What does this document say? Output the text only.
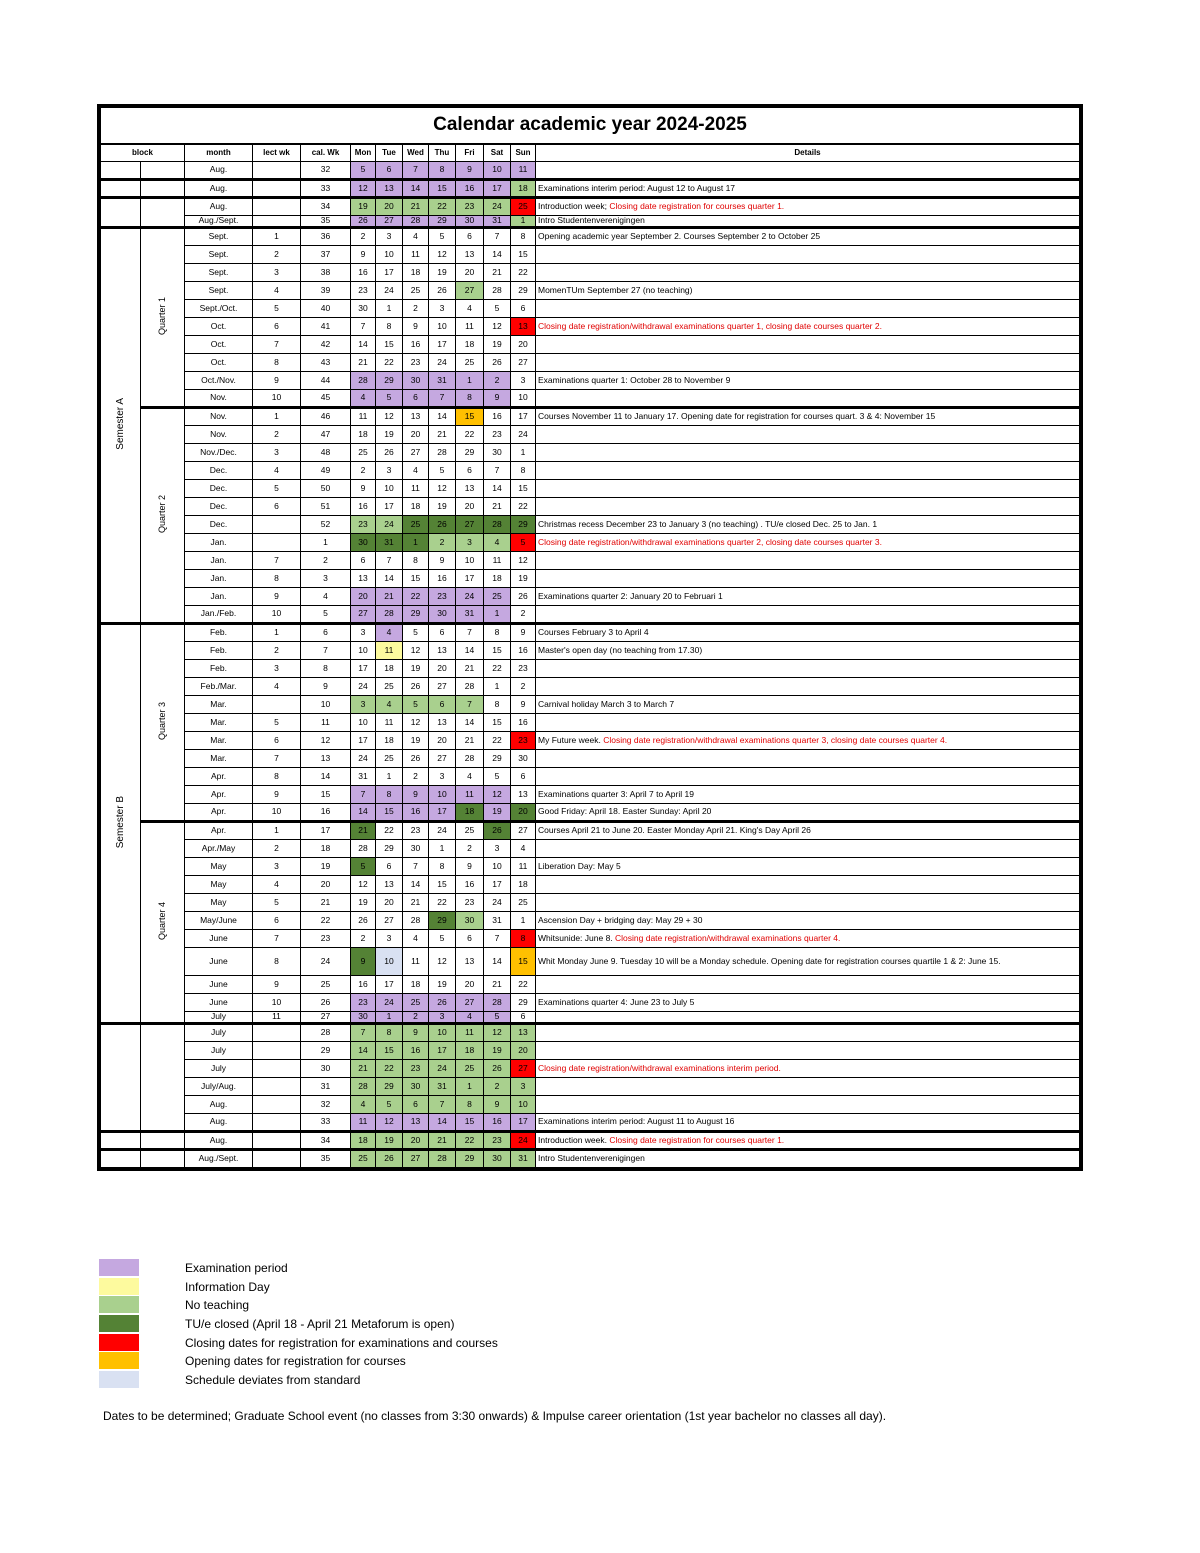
Calendar academic year 2024-2025												
block		month	lect wk	cal. Wk	Mon	Tue	Wed	Thu	Fri	Sat	Sun	Details
		Aug.		32	5	6	7	8	9	10	11	
		Aug.		33	12	13	14	15	16	17	18	Examinations interim period: August 12 to August 17
		Aug.		34	19	20	21	22	23	24	25	Introduction week; Closing date registration for courses quarter 1.
		Aug./Sept.		35	26	27	28	29	30	31	1	Intro Studentenverenigingen
Semester A	Quarter 1	Sept.	1	36	2	3	4	5	6	7	8	Opening academic year September 2. Courses September 2 to October 25
		Sept.	2	37	9	10	11	12	13	14	15	
		Sept.	3	38	16	17	18	19	20	21	22	
		Sept.	4	39	23	24	25	26	27	28	29	MomenTUm September 27 (no teaching)
		Sept./Oct.	5	40	30	1	2	3	4	5	6	
		Oct.	6	41	7	8	9	10	11	12	13	Closing date registration/withdrawal examinations quarter 1, closing date courses quarter 2.
		Oct.	7	42	14	15	16	17	18	19	20	
		Oct.	8	43	21	22	23	24	25	26	27	
		Oct./Nov.	9	44	28	29	30	31	1	2	3	Examinations quarter 1: October 28 to November 9
		Nov.	10	45	4	5	6	7	8	9	10	
	Quarter 2	Nov.	1	46	11	12	13	14	15	16	17	Courses November 11 to January 17. Opening date for registration for courses quart. 3 & 4: November 15
		Nov.	2	47	18	19	20	21	22	23	24	
		Nov./Dec.	3	48	25	26	27	28	29	30	1	
		Dec.	4	49	2	3	4	5	6	7	8	
		Dec.	5	50	9	10	11	12	13	14	15	
		Dec.	6	51	16	17	18	19	20	21	22	
		Dec.		52	23	24	25	26	27	28	29	Christmas recess December 23 to January 3 (no teaching) . TU/e closed Dec. 25 to Jan. 1
		Jan.		1	30	31	1	2	3	4	5	Closing date registration/withdrawal examinations quarter 2, closing date courses quarter 3.
		Jan.	7	2	6	7	8	9	10	11	12	
		Jan.	8	3	13	14	15	16	17	18	19	
		Jan.	9	4	20	21	22	23	24	25	26	Examinations quarter 2: January 20 to Februari 1
		Jan./Feb.	10	5	27	28	29	30	31	1	2	
Semester B	Quarter 3	Feb.	1	6	3	4	5	6	7	8	9	Courses February 3 to April 4
		Feb.	2	7	10	11	12	13	14	15	16	Master's open day (no teaching from 17.30)
		Feb.	3	8	17	18	19	20	21	22	23	
		Feb./Mar.	4	9	24	25	26	27	28	1	2	
		Mar.		10	3	4	5	6	7	8	9	Carnival holiday March 3 to March 7
		Mar.	5	11	10	11	12	13	14	15	16	
		Mar.	6	12	17	18	19	20	21	22	23	My Future week. Closing date registration/withdrawal examinations quarter 3, closing date courses quarter 4.
		Mar.	7	13	24	25	26	27	28	29	30	
		Apr.	8	14	31	1	2	3	4	5	6	
		Apr.	9	15	7	8	9	10	11	12	13	Examinations quarter 3: April 7 to April 19
		Apr.	10	16	14	15	16	17	18	19	20	Good Friday: April 18. Easter Sunday: April 20
	Quarter 4	Apr.	1	17	21	22	23	24	25	26	27	Courses April 21 to June 20. Easter Monday April 21. King's Day April 26
		Apr./May	2	18	28	29	30	1	2	3	4	
		May	3	19	5	6	7	8	9	10	11	Liberation Day: May 5
		May	4	20	12	13	14	15	16	17	18	
		May	5	21	19	20	21	22	23	24	25	
		May/June	6	22	26	27	28	29	30	31	1	Ascension Day + bridging day: May 29 + 30
		June	7	23	2	3	4	5	6	7	8	Whitsunide: June 8. Closing date registration/withdrawal examinations quarter 4.
		June	8	24	9	10	11	12	13	14	15	Whit Monday June 9. Tuesday 10 will be a Monday schedule. Opening date for registration courses quartile 1 & 2: June 15.
		June	9	25	16	17	18	19	20	21	22	
		June	10	26	23	24	25	26	27	28	29	Examinations quarter 4: June 23 to July 5
		July	11	27	30	1	2	3	4	5	6	
		July		28	7	8	9	10	11	12	13	
		July		29	14	15	16	17	18	19	20	
		July		30	21	22	23	24	25	26	27	Closing date registration/withdrawal examinations interim period.
		July/Aug.		31	28	29	30	31	1	2	3	
		Aug.		32	4	5	6	7	8	9	10	
		Aug.		33	11	12	13	14	15	16	17	Examinations interim period: August 11 to August 16
		Aug.		34	18	19	20	21	22	23	24	Introduction week. Closing date registration for courses quarter 1.
		Aug./Sept.		35	25	26	27	28	29	30	31	Intro Studentenverenigingen
Examination period
Information Day
No teaching
TU/e closed (April 18 - April 21 Metaforum is open)
Closing dates for registration for examinations and courses
Opening dates for registration for courses
Schedule deviates from standard
Dates to be determined; Graduate School event (no classes from 3:30 onwards) & Impulse career orientation (1st year bachelor no classes all day).
